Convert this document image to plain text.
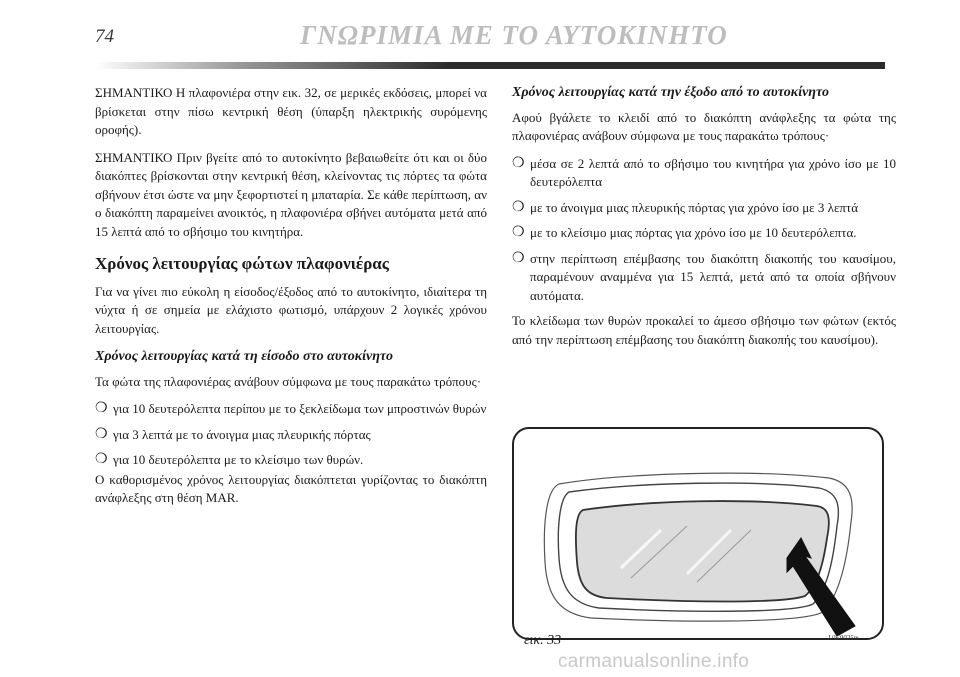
74	ΓΝΩΡΙΜΙΑ ΜΕ ΤΟ ΑΥΤΟΚΙΝΗΤΟ

ΣΗΜΑΝΤΙΚΟ Η πλαφονιέρα στην εικ. 32, σε μερικές εκδόσεις, μπορεί να βρίσκεται στην πίσω κεντρική θέση (ύπαρξη ηλεκτρικής συρόμενης οροφής).

ΣΗΜΑΝΤΙΚΟ Πριν βγείτε από το αυτοκίνητο βεβαιωθείτε ότι και οι δύο διακόπτες βρίσκονται στην κεντρική θέση, κλείνοντας τις πόρτες τα φώτα σβήνουν έτσι ώστε να μην ξεφορτιστεί η μπαταρία. Σε κάθε περίπτωση, αν ο διακόπτη παραμείνει ανοικτός, η πλαφονιέρα σβήνει αυτόματα μετά από 15 λεπτά από το σβήσιμο του κινητήρα.

Χρόνος λειτουργίας φώτων πλαφονιέρας

Για να γίνει πιο εύκολη η είσοδος/έξοδος από το αυτοκίνητο, ιδιαίτερα τη νύχτα ή σε σημεία με ελάχιστο φωτισμό, υπάρχουν 2 λογικές χρόνου λειτουργίας.

Χρόνος λειτουργίας κατά τη είσοδο στο αυτοκίνητο

Τα φώτα της πλαφονιέρας ανάβουν σύμφωνα με τους παρακάτω τρόπους·

❍ για 10 δευτερόλεπτα περίπου με το ξεκλείδωμα των μπροστινών θυρών
❍ για 3 λεπτά με το άνοιγμα μιας πλευρικής πόρτας
❍ για 10 δευτερόλεπτα με το κλείσιμο των θυρών.

Ο καθορισμένος χρόνος λειτουργίας διακόπτεται γυρίζοντας το διακόπτη ανάφλεξης στη θέση MAR.

Χρόνος λειτουργίας κατά την έξοδο από το αυτοκίνητο

Αφού βγάλετε το κλειδί από το διακόπτη ανάφλεξης τα φώτα της πλαφονιέρας ανάβουν σύμφωνα με τους παρακάτω τρόπους·

❍ μέσα σε 2 λεπτά από το σβήσιμο του κινητήρα για χρόνο ίσο με 10 δευτερόλεπτα
❍ με το άνοιγμα μιας πλευρικής πόρτας για χρόνο ίσο με 3 λεπτά
❍ με το κλείσιμο μιας πόρτας για χρόνο ίσο με 10 δευτερόλεπτα.
❍ στην περίπτωση επέμβασης του διακόπτη διακοπής του καυσίμου, παραμένουν αναμμένα για 15 λεπτά, μετά από τα οποία σβήνουν αυτόματα.

Το κλείδωμα των θυρών προκαλεί το άμεσο σβήσιμο των φώτων (εκτός από την περίπτωση επέμβασης του διακόπτη διακοπής του καυσίμου).

εικ. 33	L0E0025m
carmanualsonline.info
